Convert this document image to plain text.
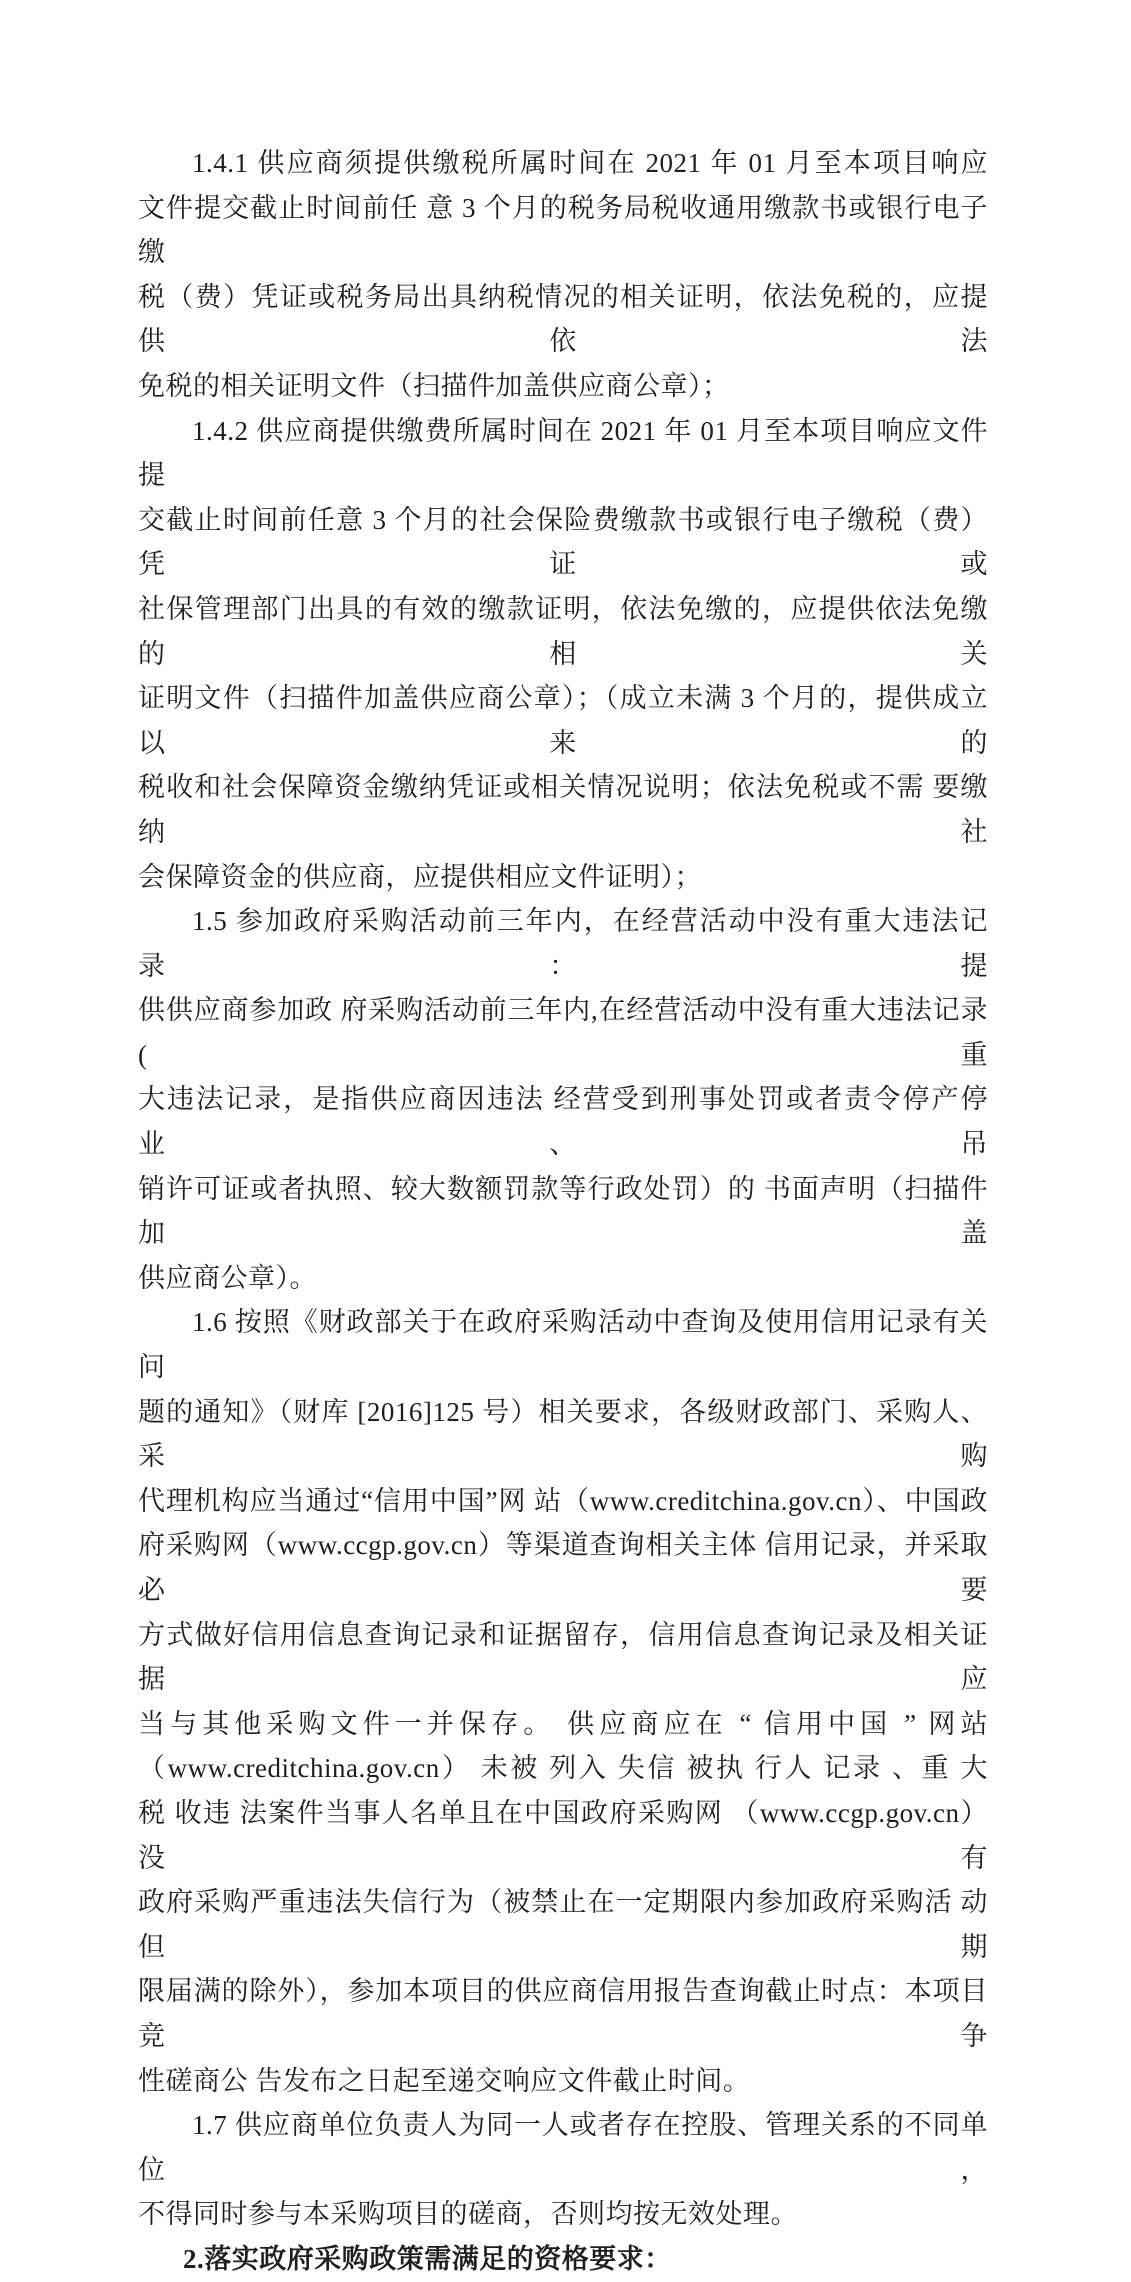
1.4.1 供应商须提供缴税所属时间在 2021 年 01 月至本项目响应
文件提交截止时间前任 意 3 个月的税务局税收通用缴款书或银行电子缴
税（费）凭证或税务局出具纳税情况的相关证明，依法免税的，应提供依法
免税的相关证明文件（扫描件加盖供应商公章）；
1.4.2 供应商提供缴费所属时间在 2021 年 01 月至本项目响应文件提
交截止时间前任意 3 个月的社会保险费缴款书或银行电子缴税（费）凭证或
社保管理部门出具的有效的缴款证明，依法免缴的，应提供依法免缴的相关
证明文件（扫描件加盖供应商公章）；（成立未满 3 个月的，提供成立以来的
税收和社会保障资金缴纳凭证或相关情况说明；依法免税或不需 要缴纳社
会保障资金的供应商，应提供相应文件证明）；
1.5 参加政府采购活动前三年内，在经营活动中没有重大违法记录：提
供供应商参加政 府采购活动前三年内,在经营活动中没有重大违法记录(重
大违法记录，是指供应商因违法 经营受到刑事处罚或者责令停产停业、吊
销许可证或者执照、较大数额罚款等行政处罚）的 书面声明（扫描件加盖
供应商公章）。
1.6 按照《财政部关于在政府采购活动中查询及使用信用记录有关问
题的通知》（财库 [2016]125 号）相关要求，各级财政部门、采购人、采购
代理机构应当通过“信用中国”网 站（www.creditchina.gov.cn）、中国政
府采购网（www.ccgp.gov.cn）等渠道查询相关主体 信用记录，并采取必要
方式做好信用信息查询记录和证据留存，信用信息查询记录及相关证 据应
当与其他采购文件一并保存。 供应商应在 “ 信用中国 ” 网站
（www.creditchina.gov.cn） 未被 列入 失信 被执 行人 记录 、重 大
税 收违 法案件当事人名单且在中国政府采购网 （www.ccgp.gov.cn）没有
政府采购严重违法失信行为（被禁止在一定期限内参加政府采购活 动但期
限届满的除外），参加本项目的供应商信用报告查询截止时点：本项目竞争
性磋商公 告发布之日起至递交响应文件截止时间。
1.7 供应商单位负责人为同一人或者存在控股、管理关系的不同单位，
不得同时参与本采购项目的磋商，否则均按无效处理。
2.落实政府采购政策需满足的资格要求：
